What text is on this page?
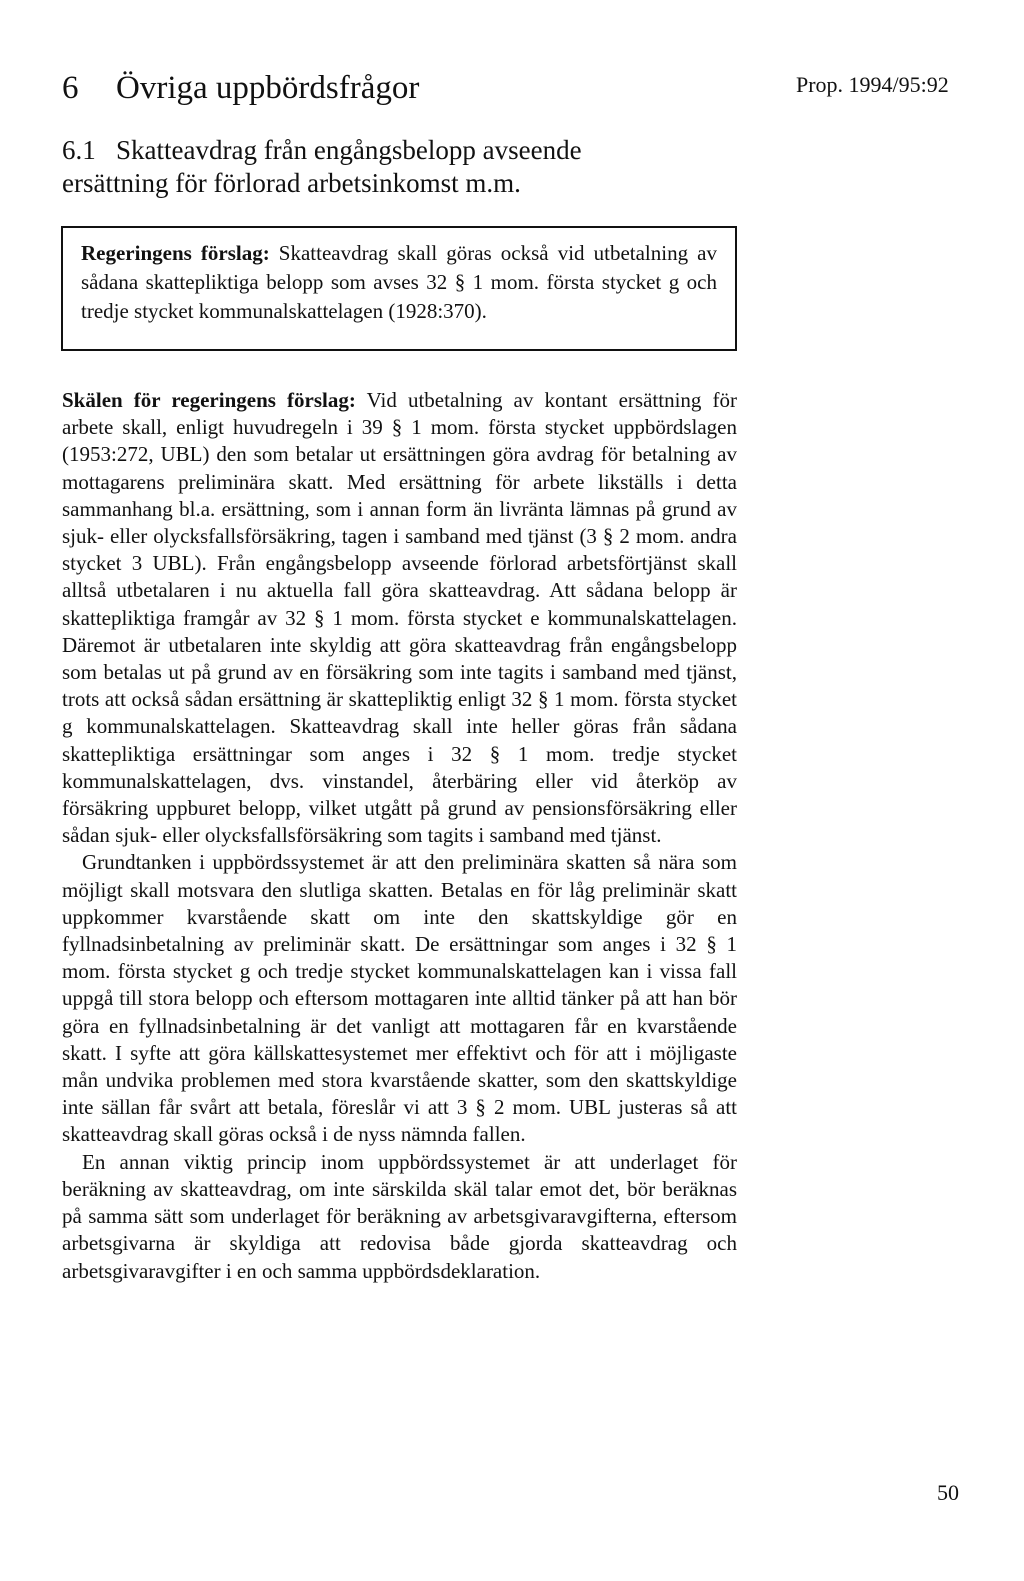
6 Övriga uppbördsfrågor	Prop. 1994/95:92
6.1 Skatteavdrag från engångsbelopp avseende ersättning för förlorad arbetsinkomst m.m.
Regeringens förslag: Skatteavdrag skall göras också vid utbetalning av sådana skattepliktiga belopp som avses 32 § 1 mom. första stycket g och tredje stycket kommunalskattelagen (1928:370).

Skälen för regeringens förslag: Vid utbetalning av kontant ersättning för arbete skall, enligt huvudregeln i 39 § 1 mom. första stycket uppbördslagen (1953:272, UBL) den som betalar ut ersättningen göra avdrag för betalning av mottagarens preliminära skatt. Med ersättning för arbete likställs i detta sammanhang bl.a. ersättning, som i annan form än livränta lämnas på grund av sjuk- eller olycksfallsförsäkring, tagen i samband med tjänst (3 § 2 mom. andra stycket 3 UBL). Från engångsbelopp avseende förlorad arbetsförtjänst skall alltså utbetalaren i nu aktuella fall göra skatteavdrag. Att sådana belopp är skattepliktiga framgår av 32 § 1 mom. första stycket e kommunalskattelagen. Däremot är utbetalaren inte skyldig att göra skatteavdrag från engångsbelopp som betalas ut på grund av en försäkring som inte tagits i samband med tjänst, trots att också sådan ersättning är skattepliktig enligt 32 § 1 mom. första stycket g kommunalskattelagen. Skatteavdrag skall inte heller göras från sådana skattepliktiga ersättningar som anges i 32 § 1 mom. tredje stycket kommunalskattelagen, dvs. vinstandel, återbäring eller vid återköp av försäkring uppburet belopp, vilket utgått på grund av pensionsförsäkring eller sådan sjuk- eller olycksfallsförsäkring som tagits i samband med tjänst.

Grundtanken i uppbördssystemet är att den preliminära skatten så nära som möjligt skall motsvara den slutliga skatten. Betalas en för låg preliminär skatt uppkommer kvarstående skatt om inte den skattskyldige gör en fyllnadsinbetalning av preliminär skatt. De ersättningar som anges i 32 § 1 mom. första stycket g och tredje stycket kommunalskattelagen kan i vissa fall uppgå till stora belopp och eftersom mottagaren inte alltid tänker på att han bör göra en fyllnadsinbetalning är det vanligt att mottagaren får en kvarstående skatt. I syfte att göra källskattesystemet mer effektivt och för att i möjligaste mån undvika problemen med stora kvarstående skatter, som den skattskyldige inte sällan får svårt att betala, föreslår vi att 3 § 2 mom. UBL justeras så att skatteavdrag skall göras också i de nyss nämnda fallen.

En annan viktig princip inom uppbördssystemet är att underlaget för beräkning av skatteavdrag, om inte särskilda skäl talar emot det, bör beräknas på samma sätt som underlaget för beräkning av arbetsgivaravgifterna, eftersom arbetsgivarna är skyldiga att redovisa både gjorda skatteavdrag och arbetsgivaravgifter i en och samma uppbördsdeklaration.

50
